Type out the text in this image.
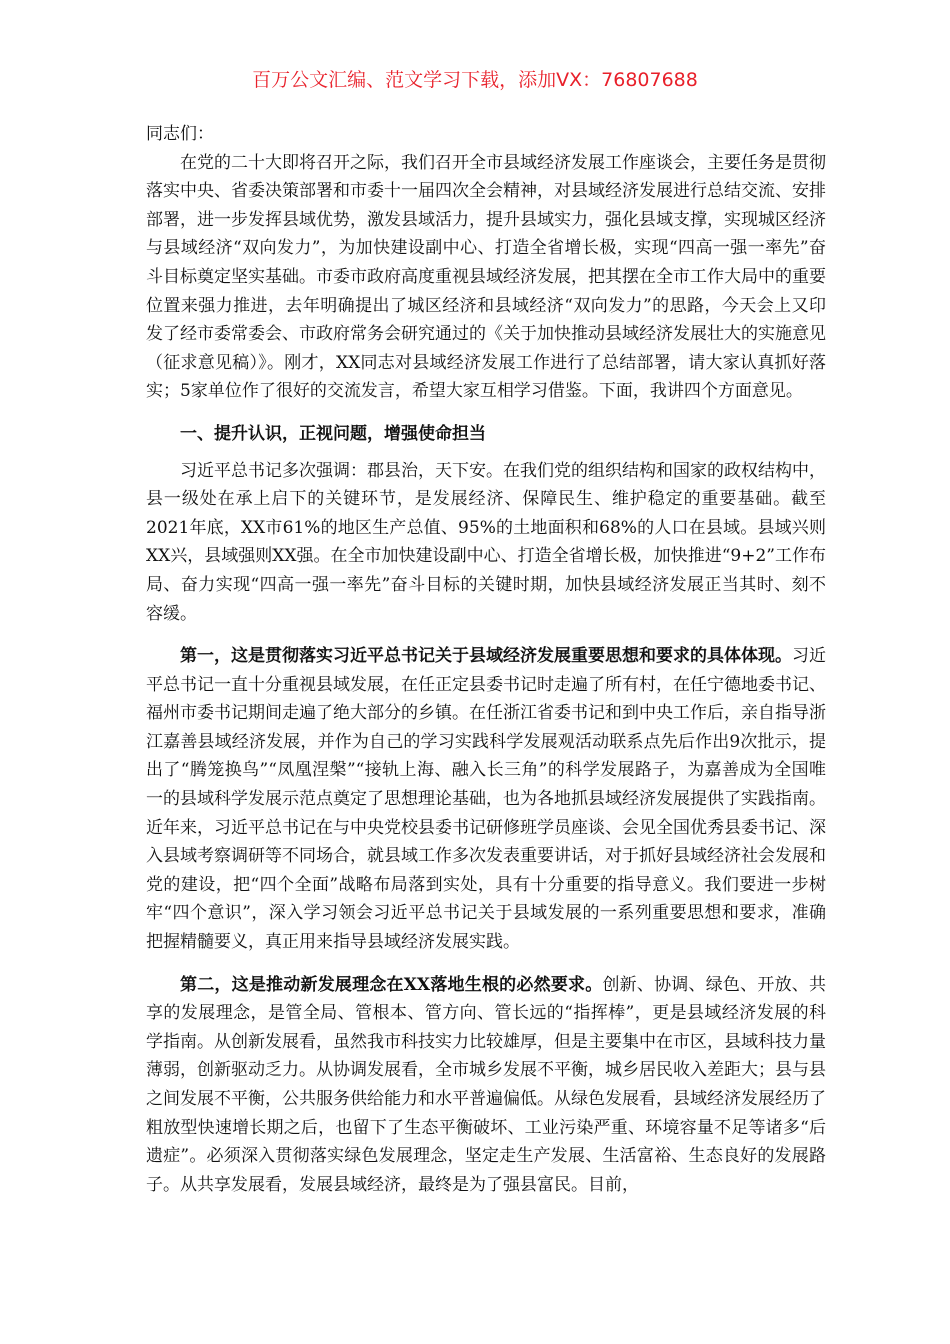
百万公文汇编、范文学习下载，添加VX：76807688

同志们：

在党的二十大即将召开之际，我们召开全市县域经济发展工作座谈会，主要任务是贯彻落实中央、省委决策部署和市委十一届四次全会精神，对县域经济发展进行总结交流、安排部署，进一步发挥县域优势，激发县域活力，提升县域实力，强化县域支撑，实现城区经济与县域经济“双向发力”，为加快建设副中心、打造全省增长极，实现“四高一强一率先”奋斗目标奠定坚实基础。市委市政府高度重视县域经济发展，把其摆在全市工作大局中的重要位置来强力推进，去年明确提出了城区经济和县域经济“双向发力”的思路，今天会上又印发了经市委常委会、市政府常务会研究通过的《关于加快推动县域经济发展壮大的实施意见（征求意见稿）》。刚才，XX同志对县域经济发展工作进行了总结部署，请大家认真抓好落实；5家单位作了很好的交流发言，希望大家互相学习借鉴。下面，我讲四个方面意见。

一、提升认识，正视问题，增强使命担当

习近平总书记多次强调：郡县治，天下安。在我们党的组织结构和国家的政权结构中，县一级处在承上启下的关键环节，是发展经济、保障民生、维护稳定的重要基础。截至2021年底，XX市61%的地区生产总值、95%的土地面积和68%的人口在县域。县域兴则XX兴，县域强则XX强。在全市加快建设副中心、打造全省增长极，加快推进“9+2”工作布局、奋力实现“四高一强一率先”奋斗目标的关键时期，加快县域经济发展正当其时、刻不容缓。

第一，这是贯彻落实习近平总书记关于县域经济发展重要思想和要求的具体体现。习近平总书记一直十分重视县域发展，在任正定县委书记时走遍了所有村，在任宁德地委书记、福州市委书记期间走遍了绝大部分的乡镇。在任浙江省委书记和到中央工作后，亲自指导浙江嘉善县域经济发展，并作为自己的学习实践科学发展观活动联系点先后作出9次批示，提出了“腾笼换鸟”“凤凰涅槃”“接轨上海、融入长三角”的科学发展路子，为嘉善成为全国唯一的县域科学发展示范点奠定了思想理论基础，也为各地抓县域经济发展提供了实践指南。近年来，习近平总书记在与中央党校县委书记研修班学员座谈、会见全国优秀县委书记、深入县域考察调研等不同场合，就县域工作多次发表重要讲话，对于抓好县域经济社会发展和党的建设，把“四个全面”战略布局落到实处，具有十分重要的指导意义。我们要进一步树牢“四个意识”，深入学习领会习近平总书记关于县域发展的一系列重要思想和要求，准确把握精髓要义，真正用来指导县域经济发展实践。

第二，这是推动新发展理念在XX落地生根的必然要求。创新、协调、绿色、开放、共享的发展理念，是管全局、管根本、管方向、管长远的“指挥棒”，更是县域经济发展的科学指南。从创新发展看，虽然我市科技实力比较雄厚，但是主要集中在市区，县域科技力量薄弱，创新驱动乏力。从协调发展看，全市城乡发展不平衡，城乡居民收入差距大；县与县之间发展不平衡，公共服务供给能力和水平普遍偏低。从绿色发展看，县域经济发展经历了粗放型快速增长期之后，也留下了生态平衡破坏、工业污染严重、环境容量不足等诸多“后遗症”。必须深入贯彻落实绿色发展理念，坚定走生产发展、生活富裕、生态良好的发展路子。从共享发展看，发展县域经济，最终是为了强县富民。目前，
